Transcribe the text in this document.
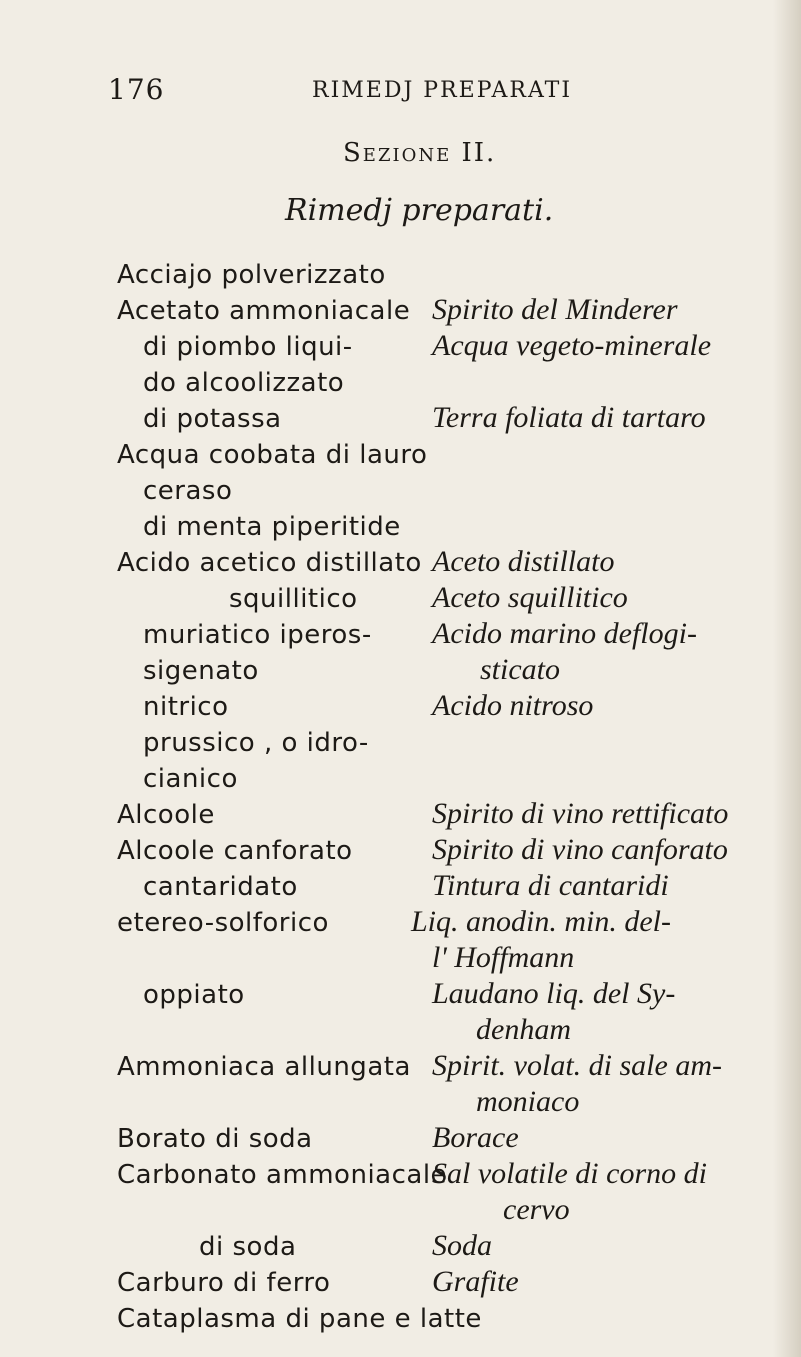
176	RIMEDJ PREPARATI
Sezione II.
Rimedj preparati.
Acciajo polverizzato
Acetato ammoniacale
di piombo liqui-
do alcoolizzato
di potassa
Acqua coobata di lauro
ceraso
di menta piperitide
Acido acetico distillato
squillitico
muriatico iperos-
sigenato
nitrico
prussico , o idro-
cianico
Alcoole
Alcoole canforato
cantaridato
etereo-solforico
oppiato
Ammoniaca allungata
Borato di soda
Carbonato ammoniacale
di soda
Carburo di ferro
Cataplasma di pane e latte
Spirito del Minderer
Acqua vegeto-minerale
Terra foliata di tartaro
Aceto distillato
Aceto squillitico
Acido marino deflogi-
sticato
Acido nitroso
Spirito di vino rettificato
Spirito di vino canforato
Tintura di cantaridi
Liq. anodin. min. del-
l' Hoffmann
Laudano liq. del Sy-
denham
Spirit. volat. di sale am-
moniaco
Borace
Sal volatile di corno di
cervo
Soda
Grafite
